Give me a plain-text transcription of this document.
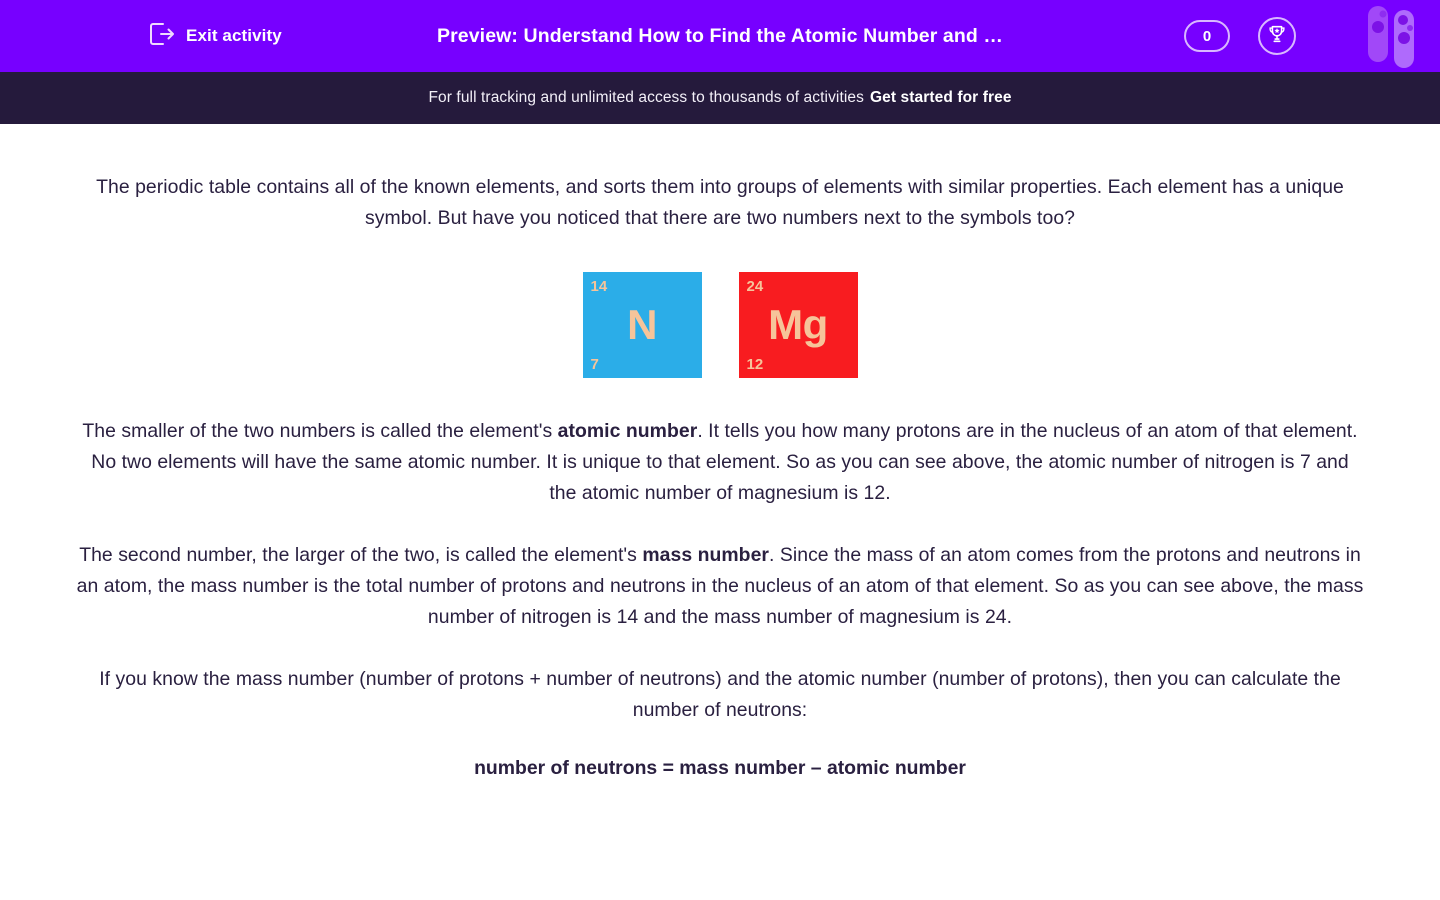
Exit activity	Preview: Understand How to Find the Atomic Number and …	0
For full tracking and unlimited access to thousands of activities Get started for free

The periodic table contains all of the known elements, and sorts them into groups of elements with similar properties. Each element has a unique symbol. But have you noticed that there are two numbers next to the symbols too?

14
N
7
24
Mg
12

The smaller of the two numbers is called the element's atomic number. It tells you how many protons are in the nucleus of an atom of that element. No two elements will have the same atomic number. It is unique to that element. So as you can see above, the atomic number of nitrogen is 7 and the atomic number of magnesium is 12.

The second number, the larger of the two, is called the element's mass number. Since the mass of an atom comes from the protons and neutrons in an atom, the mass number is the total number of protons and neutrons in the nucleus of an atom of that element. So as you can see above, the mass number of nitrogen is 14 and the mass number of magnesium is 24.

If you know the mass number (number of protons + number of neutrons) and the atomic number (number of protons), then you can calculate the number of neutrons:

number of neutrons = mass number – atomic number
